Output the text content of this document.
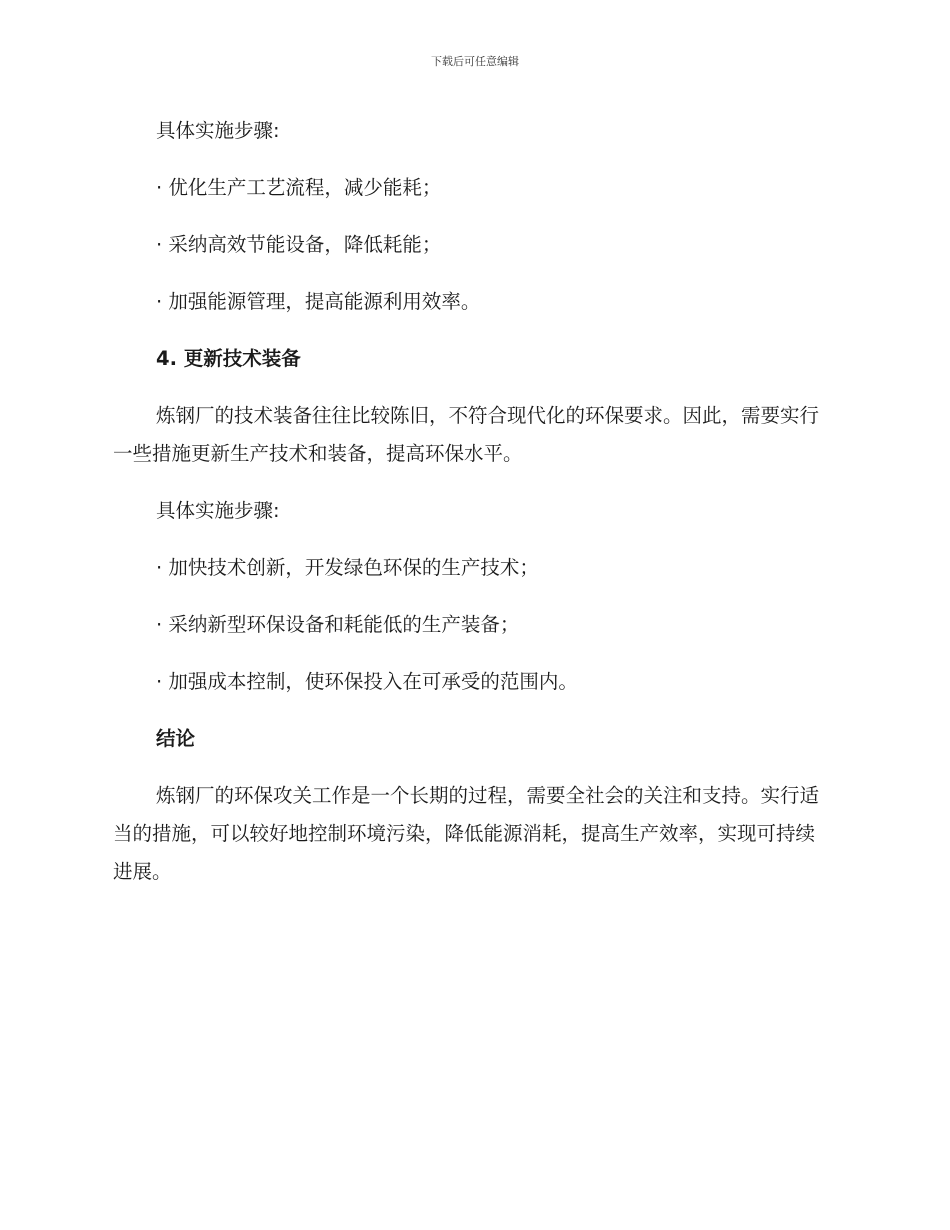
下载后可任意编辑

具体实施步骤:

· 优化生产工艺流程，减少能耗；

· 采纳高效节能设备，降低耗能；

· 加强能源管理，提高能源利用效率。

4. 更新技术装备

炼钢厂的技术装备往往比较陈旧，不符合现代化的环保要求。因此，需要实行一些措施更新生产技术和装备，提高环保水平。

具体实施步骤:

· 加快技术创新，开发绿色环保的生产技术；

· 采纳新型环保设备和耗能低的生产装备；

· 加强成本控制，使环保投入在可承受的范围内。

结论

炼钢厂的环保攻关工作是一个长期的过程，需要全社会的关注和支持。实行适当的措施，可以较好地控制环境污染，降低能源消耗，提高生产效率，实现可持续进展。
